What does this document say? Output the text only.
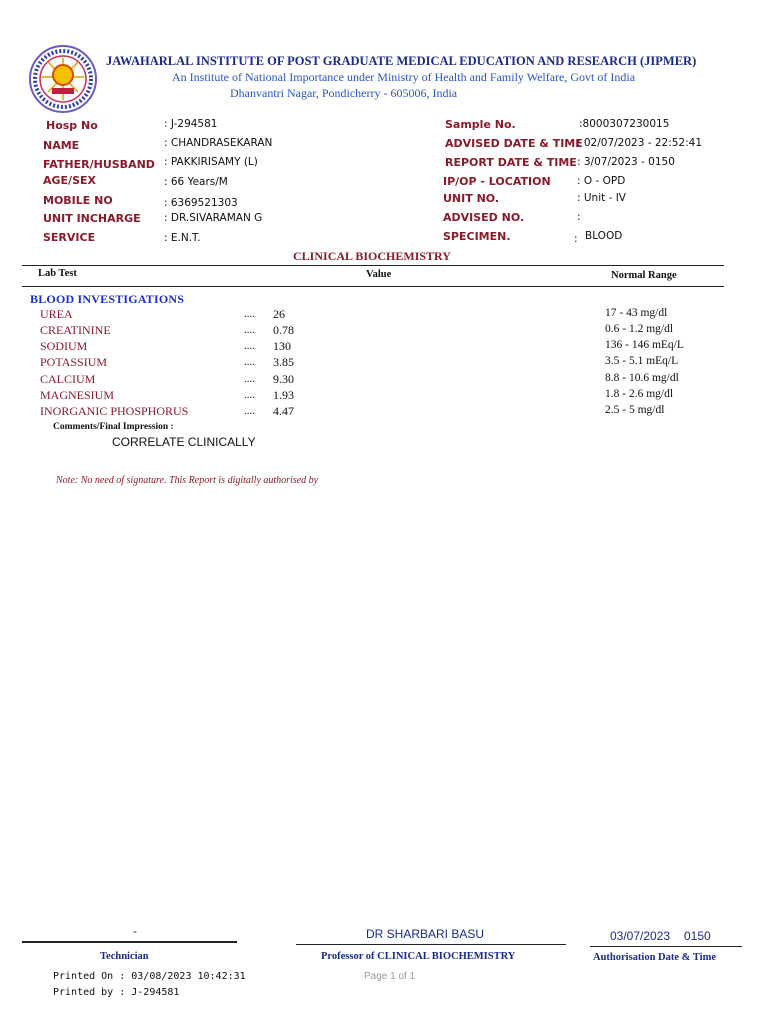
JAWAHARLAL INSTITUTE OF POST GRADUATE MEDICAL EDUCATION AND RESEARCH (JIPMER)
An Institute of National Importance under Ministry of Health and Family Welfare, Govt of India
Dhanvantri Nagar, Pondicherry - 605006, India
Hosp No	: J-294581
NAME	: CHANDRASEKARAN
FATHER/HUSBAND : PAKKIRISAMY (L)
AGE/SEX	: 66 Years/M
MOBILE NO	: 6369521303
UNIT INCHARGE : DR.SIVARAMAN G
SERVICE	: E.N.T.
Sample No.	:8000307230015
ADVISED DATE & TIME
: 02/07/2023 - 22:52:41
REPORT DATE & TIME : 3/07/2023 - 0150
IP/OP - LOCATION	: O - OPD
UNIT NO.	: Unit - IV
ADVISED NO.	:
SPECIMEN.	: BLOOD
CLINICAL BIOCHEMISTRY
Lab Test	Value	Normal Range
BLOOD INVESTIGATIONS
UREA	.... 26	17 - 43 mg/dl
CREATININE	.... 0.78	0.6 - 1.2 mg/dl
SODIUM	.... 130	136 - 146 mEq/L
POTASSIUM	.... 3.85	3.5 - 5.1 mEq/L
CALCIUM	.... 9.30	8.8 - 10.6 mg/dl
MAGNESIUM	.... 1.93	1.8 - 2.6 mg/dl
INORGANIC PHOSPHORUS	.... 4.47	2.5 - 5 mg/dl
Comments/Final Impression :
CORRELATE CLINICALLY
Note: No need of signature. This Report is digitally authorised by
-
Technician
DR SHARBARI BASU
Professor of CLINICAL BIOCHEMISTRY
03/07/2023 0150
Authorisation Date & Time
Printed On : 03/08/2023 10:42:31
Printed by : J-294581
Page 1 of 1
